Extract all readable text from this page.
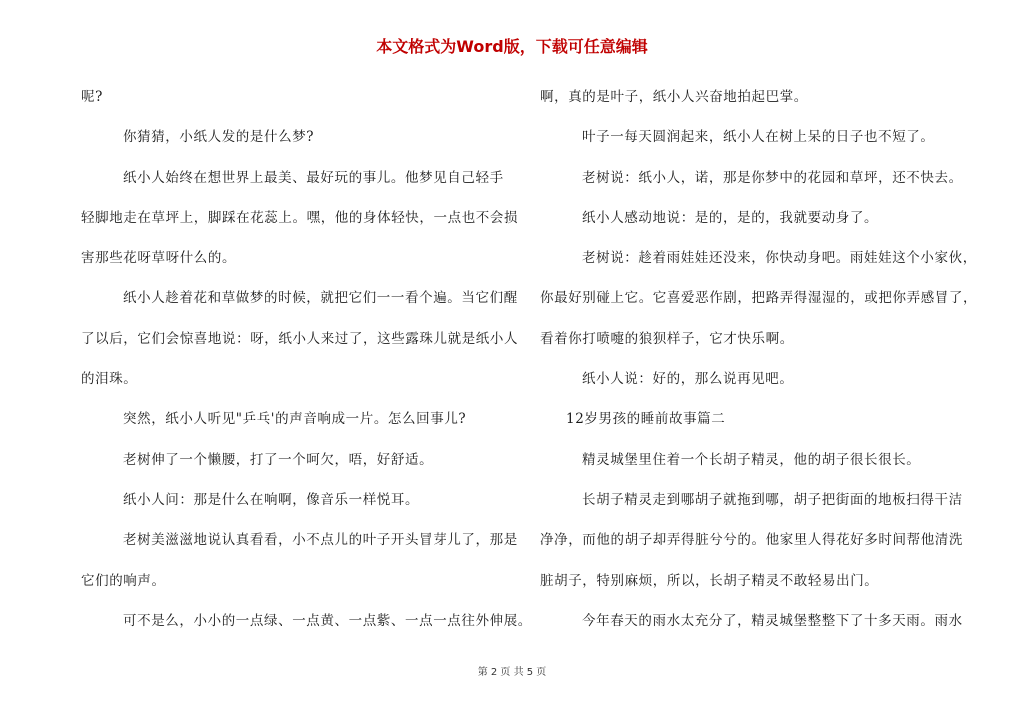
本文格式为Word版，下载可任意编辑
呢?
你猜猜，小纸人发的是什么梦?
纸小人始终在想世界上最美、最好玩的事儿。他梦见自己轻手
轻脚地走在草坪上，脚踩在花蕊上。嘿，他的身体轻快，一点也不会损
害那些花呀草呀什么的。
纸小人趁着花和草做梦的时候，就把它们一一看个遍。当它们醒
了以后，它们会惊喜地说：呀，纸小人来过了，这些露珠儿就是纸小人
的泪珠。
突然，纸小人听见"乒乓'的声音响成一片。怎么回事儿?
老树伸了一个懒腰，打了一个呵欠，唔，好舒适。
纸小人问：那是什么在响啊，像音乐一样悦耳。
老树美滋滋地说认真看看，小不点儿的叶子开头冒芽儿了，那是
它们的响声。
可不是么，小小的一点绿、一点黄、一点紫、一点一点往外伸展。
啊，真的是叶子，纸小人兴奋地拍起巴掌。
叶子一每天圆润起来，纸小人在树上呆的日子也不短了。
老树说：纸小人，诺，那是你梦中的花园和草坪，还不快去。
纸小人感动地说：是的，是的，我就要动身了。
老树说：趁着雨娃娃还没来，你快动身吧。雨娃娃这个小家伙，
你最好别碰上它。它喜爱恶作剧，把路弄得湿湿的，或把你弄感冒了，
看着你打喷嚏的狼狈样子，它才快乐啊。
纸小人说：好的，那么说再见吧。
12岁男孩的睡前故事篇二
精灵城堡里住着一个长胡子精灵，他的胡子很长很长。
长胡子精灵走到哪胡子就拖到哪，胡子把街面的地板扫得干洁
净净，而他的胡子却弄得脏兮兮的。他家里人得花好多时间帮他清洗
脏胡子，特别麻烦，所以，长胡子精灵不敢轻易出门。
今年春天的雨水太充分了，精灵城堡整整下了十多天雨。雨水
第 2 页 共 5 页
